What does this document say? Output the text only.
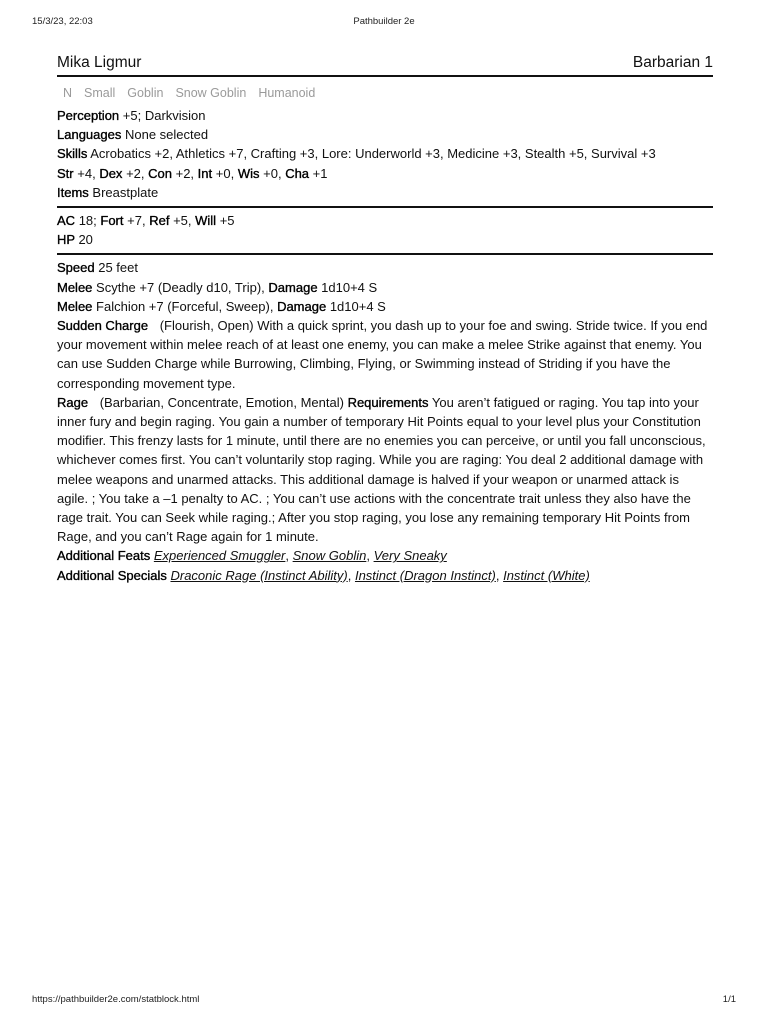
15/3/23, 22:03	Pathbuilder 2e
Mika Ligmur	Barbarian 1
N Small Goblin Snow Goblin Humanoid
Perception +5; Darkvision
Languages None selected
Skills Acrobatics +2, Athletics +7, Crafting +3, Lore: Underworld +3, Medicine +3, Stealth +5, Survival +3
Str +4, Dex +2, Con +2, Int +0, Wis +0, Cha +1
Items Breastplate
AC 18; Fort +7, Ref +5, Will +5
HP 20
Speed 25 feet
Melee Scythe +7 (Deadly d10, Trip), Damage 1d10+4 S
Melee Falchion +7 (Forceful, Sweep), Damage 1d10+4 S
Sudden Charge (Flourish, Open) With a quick sprint, you dash up to your foe and swing. Stride twice. If you end your movement within melee reach of at least one enemy, you can make a melee Strike against that enemy. You can use Sudden Charge while Burrowing, Climbing, Flying, or Swimming instead of Striding if you have the corresponding movement type.
Rage (Barbarian, Concentrate, Emotion, Mental) Requirements You aren’t fatigued or raging. You tap into your inner fury and begin raging. You gain a number of temporary Hit Points equal to your level plus your Constitution modifier. This frenzy lasts for 1 minute, until there are no enemies you can perceive, or until you fall unconscious, whichever comes first. You can’t voluntarily stop raging. While you are raging: You deal 2 additional damage with melee weapons and unarmed attacks. This additional damage is halved if your weapon or unarmed attack is agile. ; You take a –1 penalty to AC. ; You can’t use actions with the concentrate trait unless they also have the rage trait. You can Seek while raging.; After you stop raging, you lose any remaining temporary Hit Points from Rage, and you can’t Rage again for 1 minute.
Additional Feats Experienced Smuggler, Snow Goblin, Very Sneaky
Additional Specials Draconic Rage (Instinct Ability), Instinct (Dragon Instinct), Instinct (White)
https://pathbuilder2e.com/statblock.html	1/1
